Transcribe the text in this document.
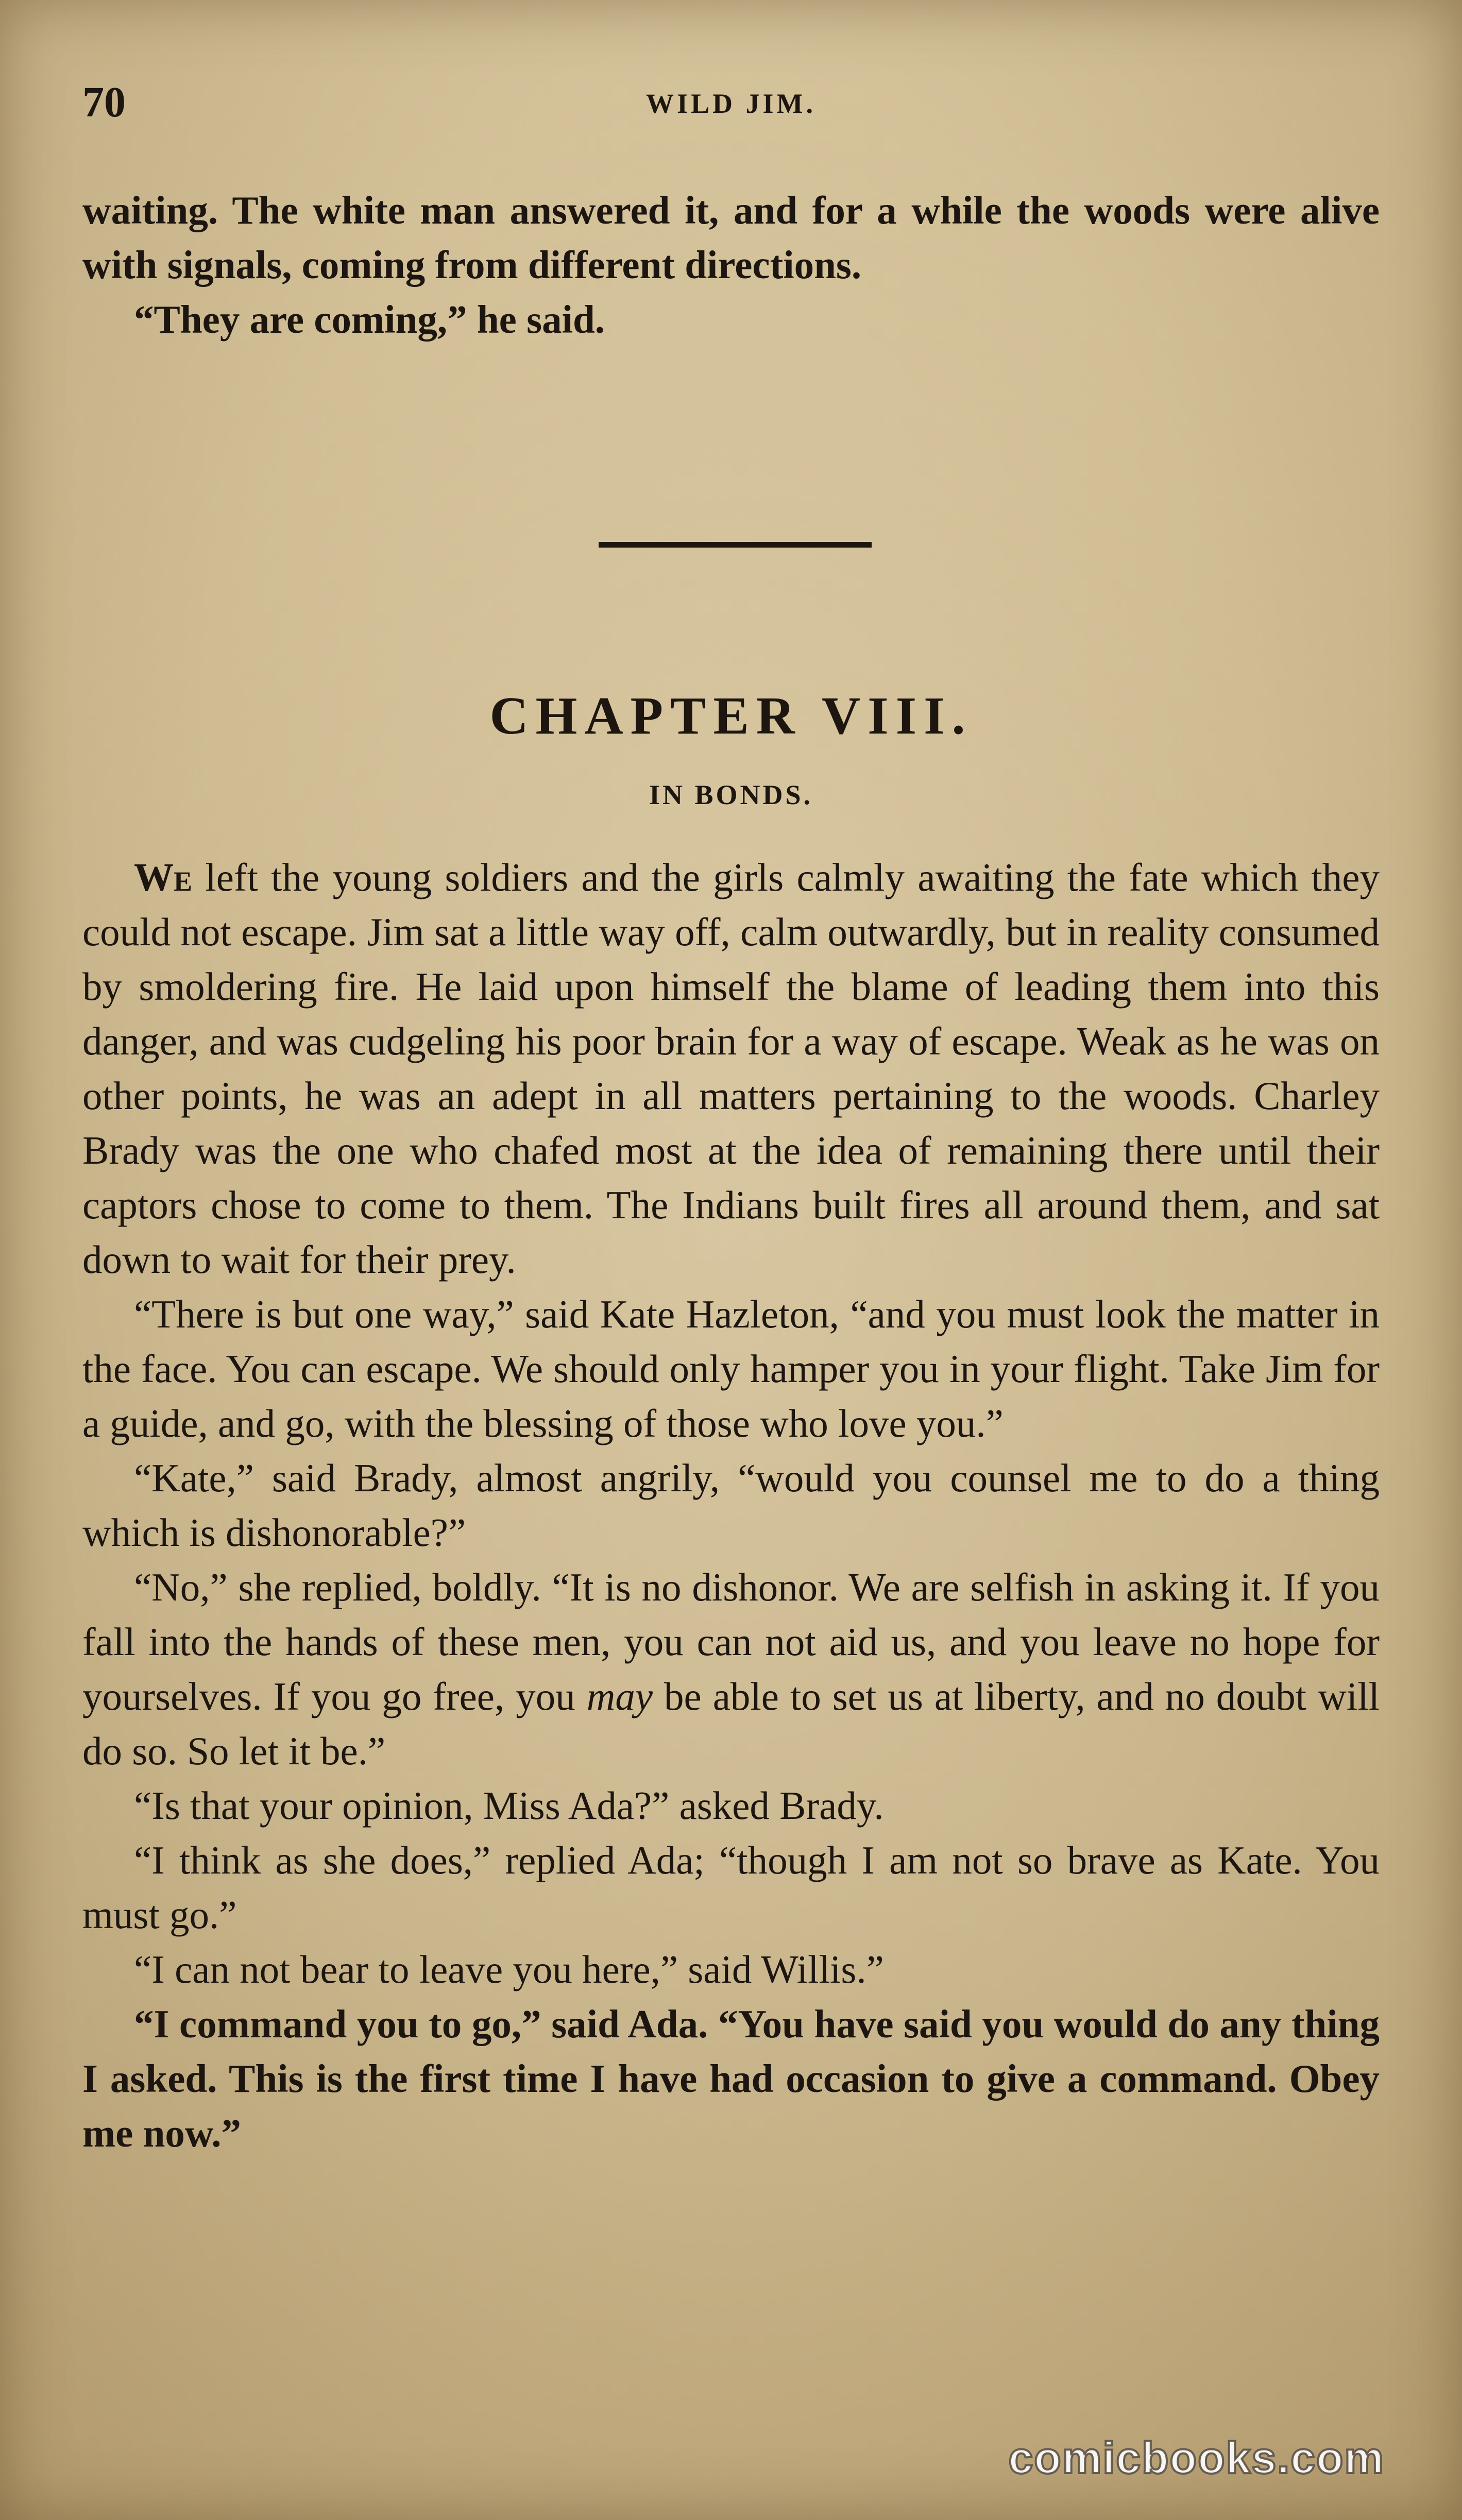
70	WILD JIM.

waiting. The white man answered it, and for a while the woods were alive with signals, coming from different directions.

“They are coming,” he said.

CHAPTER VIII.
IN BONDS.

We left the young soldiers and the girls calmly awaiting the fate which they could not escape. Jim sat a little way off, calm outwardly, but in reality consumed by smoldering fire. He laid upon himself the blame of leading them into this danger, and was cudgeling his poor brain for a way of escape. Weak as he was on other points, he was an adept in all matters pertaining to the woods. Charley Brady was the one who chafed most at the idea of remaining there until their captors chose to come to them. The Indians built fires all around them, and sat down to wait for their prey.

“There is but one way,” said Kate Hazleton, “and you must look the matter in the face. You can escape. We should only hamper you in your flight. Take Jim for a guide, and go, with the blessing of those who love you.”

“Kate,” said Brady, almost angrily, “would you counsel me to do a thing which is dishonorable?”

“No,” she replied, boldly. “It is no dishonor. We are selfish in asking it. If you fall into the hands of these men, you can not aid us, and you leave no hope for yourselves. If you go free, you may be able to set us at liberty, and no doubt will do so. So let it be.”

“Is that your opinion, Miss Ada?” asked Brady.

“I think as she does,” replied Ada; “though I am not so brave as Kate. You must go.”

“I can not bear to leave you here,” said Willis.”

“I command you to go,” said Ada. “You have said you would do any thing I asked. This is the first time I have had occasion to give a command. Obey me now.”

comicbooks.com
